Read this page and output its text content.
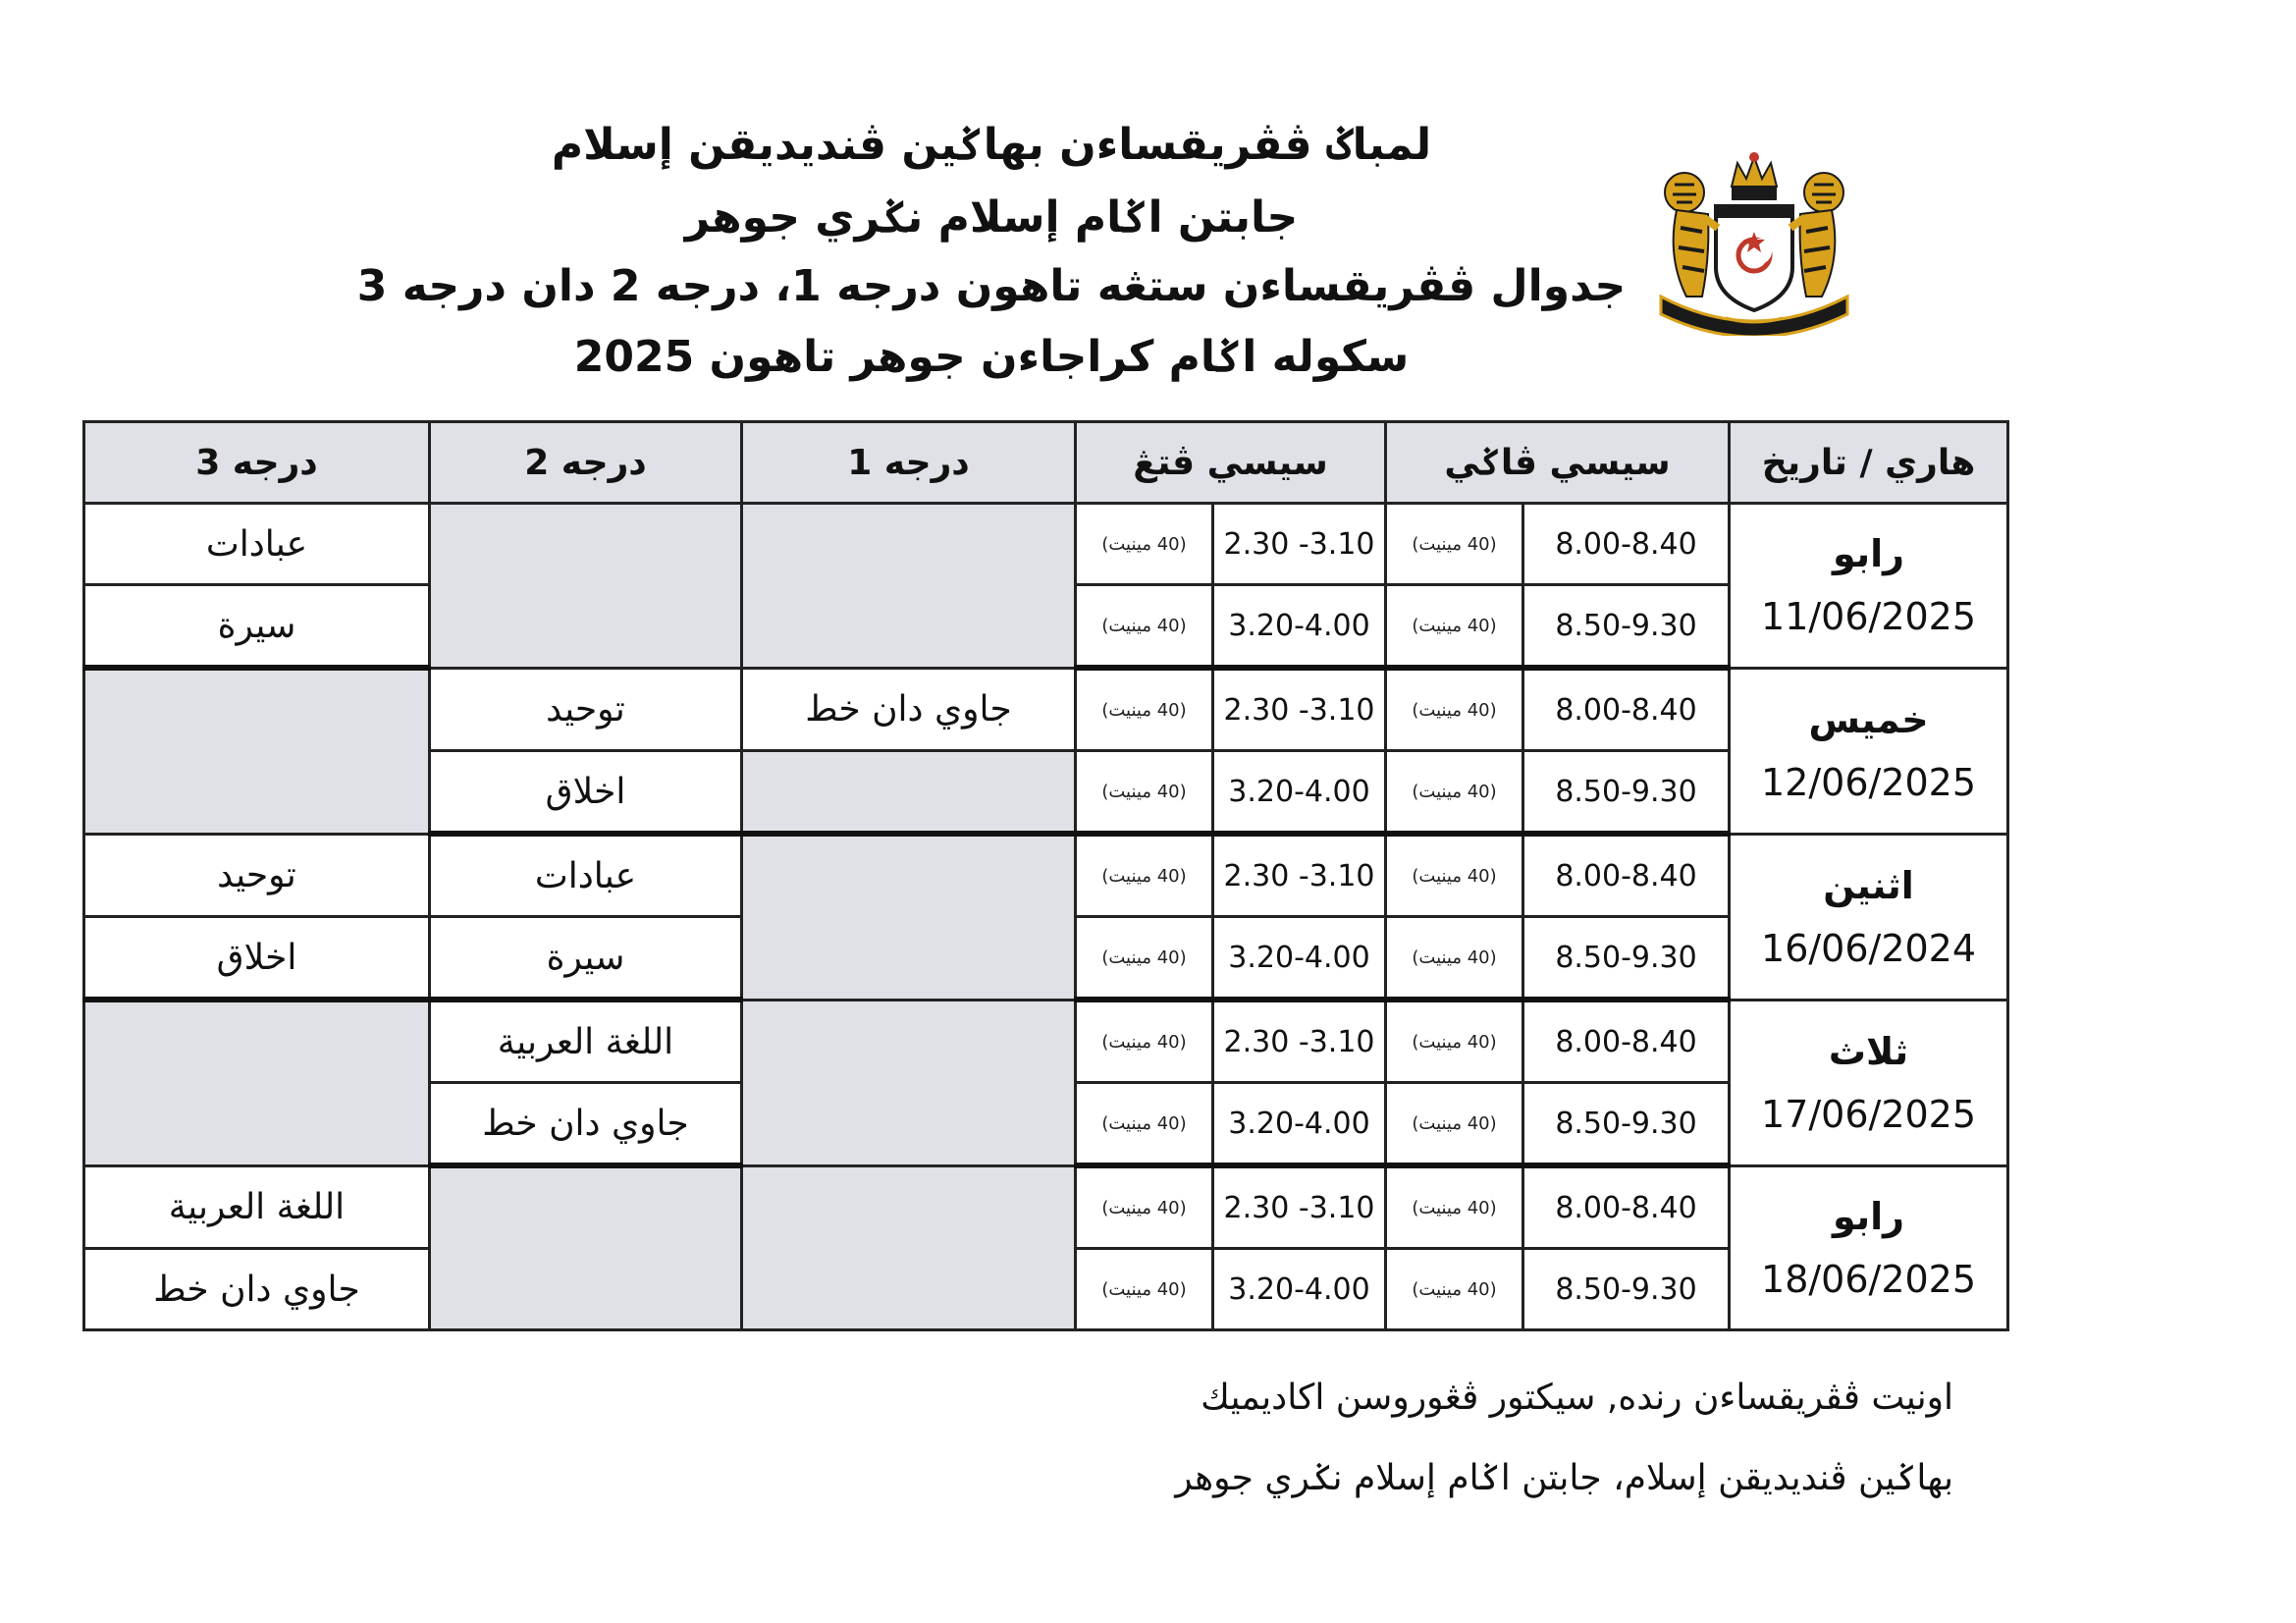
لمباݢ ڤڤريقساءن بهاݢين ڤنديديقن إسلام
جابتن اݢام إسلام نݢري جوهر
جدوال ڤڤريقساءن ستڠه تاهون درجه 1، درجه 2 دان درجه 3
سكوله اݢام كراجاءن جوهر تاهون 2025
هاري / تاريخ	سيسي ڤاݢي		سيسي ڤتڠ		درجه 1	درجه 2	درجه 3

رابو
11/06/2025	8.00-8.40	(40 مينيت)	2.30 -3.10	(40 مينيت)			عبادات
	8.50-9.30	(40 مينيت)	3.20-4.00	(40 مينيت)			سيرة

خميس
12/06/2025	8.00-8.40	(40 مينيت)	2.30 -3.10	(40 مينيت)	جاوي دان خط	توحيد	
	8.50-9.30	(40 مينيت)	3.20-4.00	(40 مينيت)		اخلاق	

اثنين
16/06/2024	8.00-8.40	(40 مينيت)	2.30 -3.10	(40 مينيت)		عبادات	توحيد
	8.50-9.30	(40 مينيت)	3.20-4.00	(40 مينيت)		سيرة	اخلاق

ثلاث
17/06/2025	8.00-8.40	(40 مينيت)	2.30 -3.10	(40 مينيت)		اللغة العربية	
	8.50-9.30	(40 مينيت)	3.20-4.00	(40 مينيت)		جاوي دان خط	

رابو
18/06/2025	8.00-8.40	(40 مينيت)	2.30 -3.10	(40 مينيت)			اللغة العربية
	8.50-9.30	(40 مينيت)	3.20-4.00	(40 مينيت)			جاوي دان خط
اونيت ڤڤريقساءن رنده, سيكتور ڤڠوروسن اكاديميك
بهاݢين ڤنديديقن إسلام، جابتن اݢام إسلام نݢري جوهر
